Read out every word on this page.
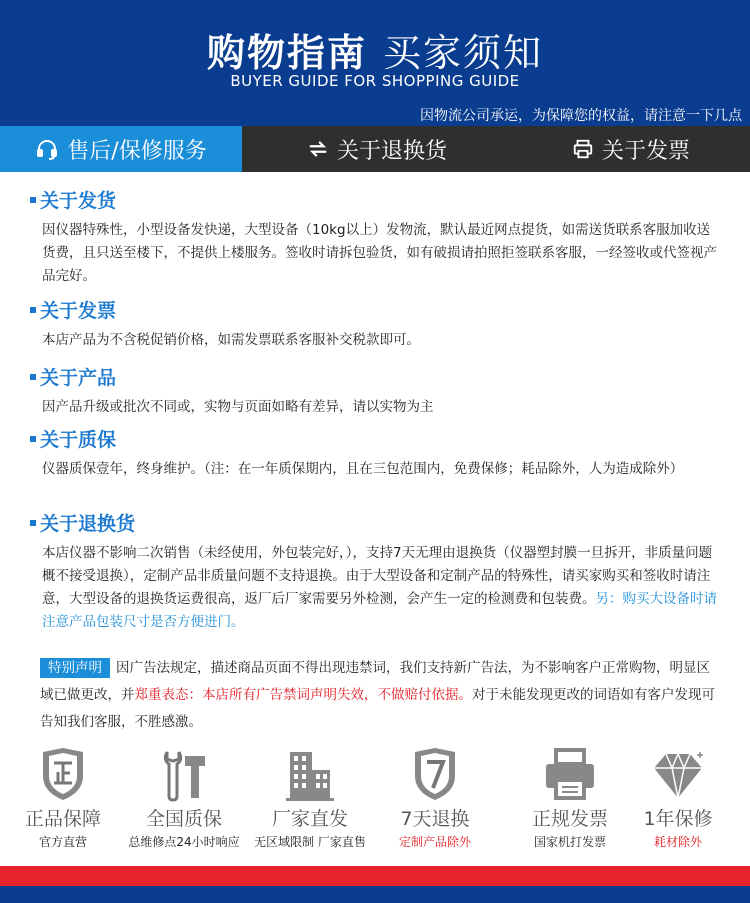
购物指南 买家须知
BUYER GUIDE FOR SHOPPING GUIDE
因物流公司承运，为保障您的权益，请注意一下几点
售后/保修服务	关于退换货	关于发票
关于发货
因仪器特殊性，小型设备发快递，大型设备（10kg以上）发物流，默认最近网点提货，如需送货联系客服加收送货费，且只送至楼下，不提供上楼服务。签收时请拆包验货，如有破损请拍照拒签联系客服，一经签收或代签视产品完好。
关于发票
本店产品为不含税促销价格，如需发票联系客服补交税款即可。
关于产品
因产品升级或批次不同或，实物与页面如略有差异，请以实物为主
关于质保
仪器质保壹年，终身维护。（注：在一年质保期内，且在三包范围内，免费保修；耗品除外，人为造成除外）
关于退换货
本店仪器不影响二次销售（未经使用，外包装完好，），支持7天无理由退换货（仪器塑封膜一旦拆开，非质量问题概不接受退换），定制产品非质量问题不支持退换。由于大型设备和定制产品的特殊性，请买家购买和签收时请注意，大型设备的退换货运费很高，返厂后厂家需要另外检测，会产生一定的检测费和包装费。另：购买大设备时请注意产品包装尺寸是否方便进门。
特别声明 因广告法规定，描述商品页面不得出现违禁词，我们支持新广告法，为不影响客户正常购物，明显区域已做更改，并郑重表态：本店所有广告禁词声明失效，不做赔付依据。对于未能发现更改的词语如有客户发现可告知我们客服，不胜感激。
正品保障
官方直营
全国质保
总维修点24小时响应
厂家直发
无区域限制 厂家直售
7天退换
定制产品除外
正规发票
国家机打发票
1年保修
耗材除外
